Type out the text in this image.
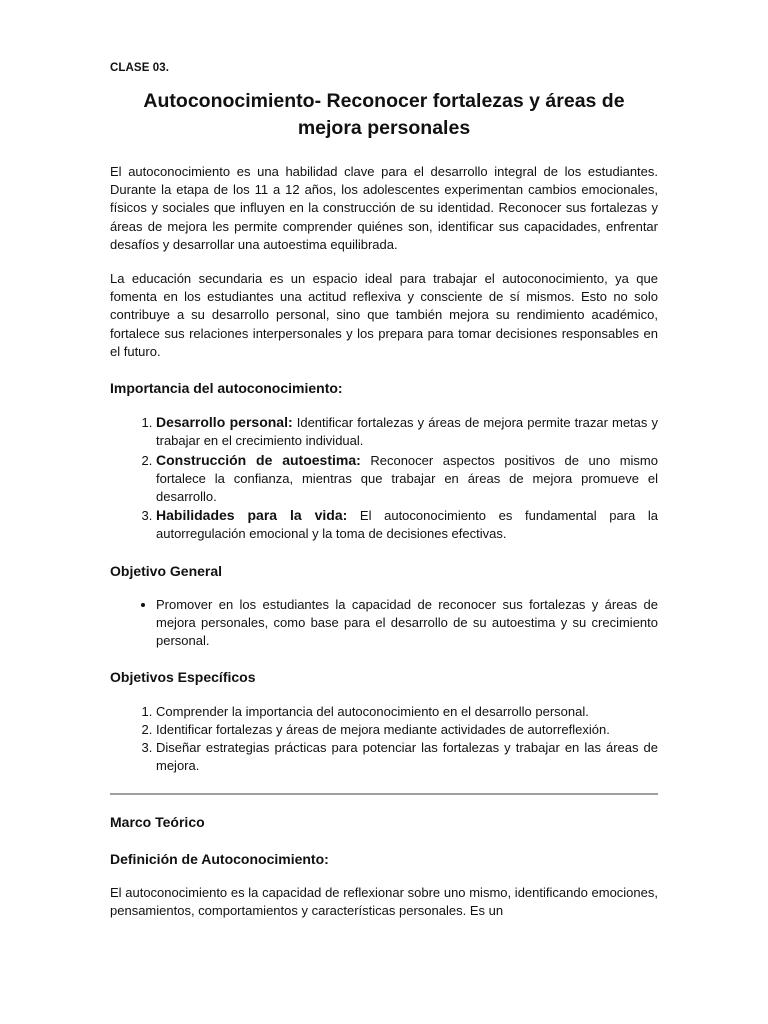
CLASE 03.
Autoconocimiento- Reconocer fortalezas y áreas de mejora personales

El autoconocimiento es una habilidad clave para el desarrollo integral de los estudiantes. Durante la etapa de los 11 a 12 años, los adolescentes experimentan cambios emocionales, físicos y sociales que influyen en la construcción de su identidad. Reconocer sus fortalezas y áreas de mejora les permite comprender quiénes son, identificar sus capacidades, enfrentar desafíos y desarrollar una autoestima equilibrada.

La educación secundaria es un espacio ideal para trabajar el autoconocimiento, ya que fomenta en los estudiantes una actitud reflexiva y consciente de sí mismos. Esto no solo contribuye a su desarrollo personal, sino que también mejora su rendimiento académico, fortalece sus relaciones interpersonales y los prepara para tomar decisiones responsables en el futuro.

Importancia del autoconocimiento:
1. Desarrollo personal: Identificar fortalezas y áreas de mejora permite trazar metas y trabajar en el crecimiento individual.
2. Construcción de autoestima: Reconocer aspectos positivos de uno mismo fortalece la confianza, mientras que trabajar en áreas de mejora promueve el desarrollo.
3. Habilidades para la vida: El autoconocimiento es fundamental para la autorregulación emocional y la toma de decisiones efectivas.
Objetivo General
• Promover en los estudiantes la capacidad de reconocer sus fortalezas y áreas de mejora personales, como base para el desarrollo de su autoestima y su crecimiento personal.
Objetivos Específicos
1. Comprender la importancia del autoconocimiento en el desarrollo personal.
2. Identificar fortalezas y áreas de mejora mediante actividades de autorreflexión.
3. Diseñar estrategias prácticas para potenciar las fortalezas y trabajar en las áreas de mejora.
Marco Teórico
Definición de Autoconocimiento:

El autoconocimiento es la capacidad de reflexionar sobre uno mismo, identificando emociones, pensamientos, comportamientos y características personales. Es un
